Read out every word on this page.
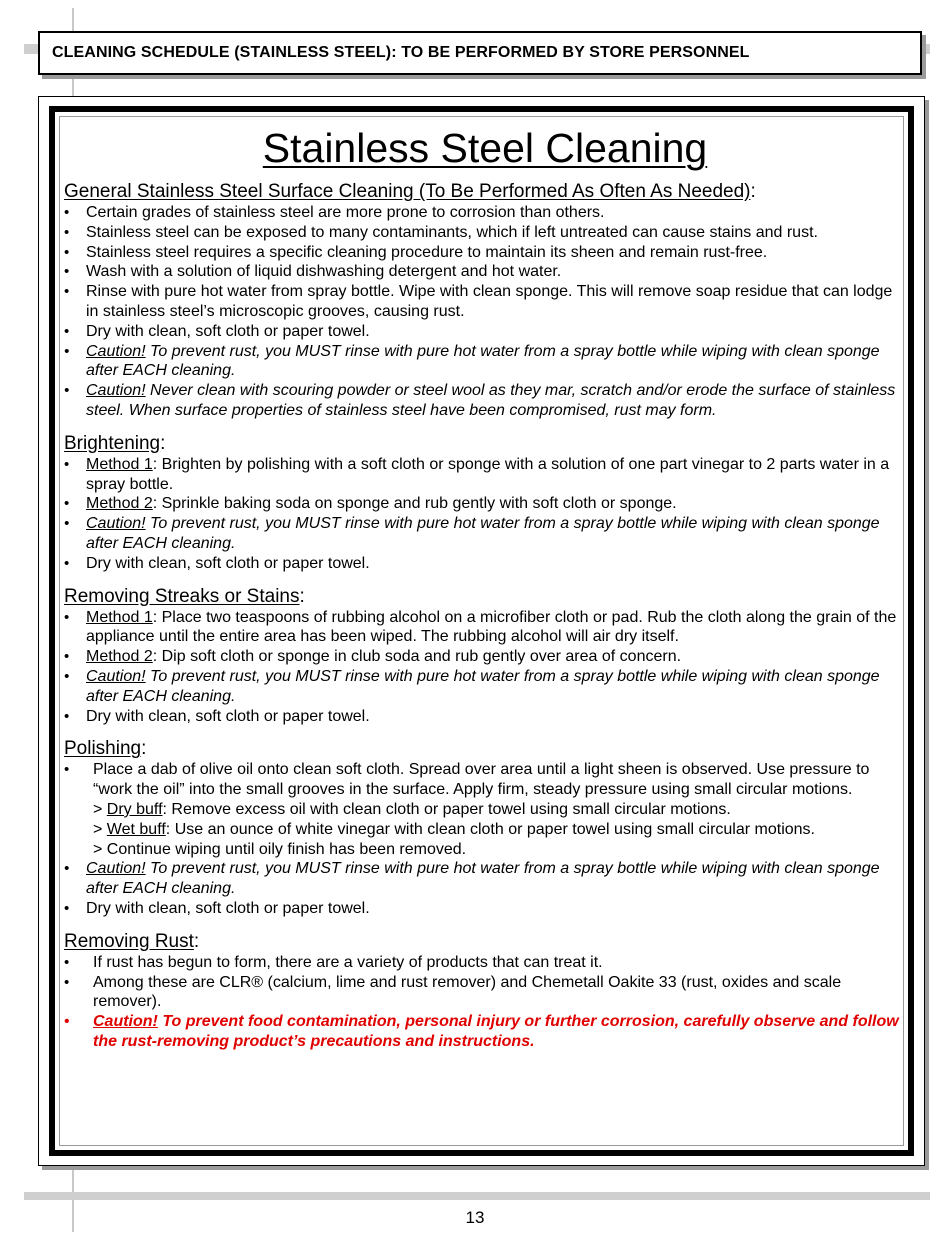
CLEANING SCHEDULE (STAINLESS STEEL): TO BE PERFORMED BY STORE PERSONNEL
Stainless Steel Cleaning
General Stainless Steel Surface Cleaning (To Be Performed As Often As Needed):
• Certain grades of stainless steel are more prone to corrosion than others.
• Stainless steel can be exposed to many contaminants, which if left untreated can cause stains and rust.
• Stainless steel requires a specific cleaning procedure to maintain its sheen and remain rust-free.
• Wash with a solution of liquid dishwashing detergent and hot water.
• Rinse with pure hot water from spray bottle. Wipe with clean sponge. This will remove soap residue that can lodge in stainless steel’s microscopic grooves, causing rust.
• Dry with clean, soft cloth or paper towel.
• Caution! To prevent rust, you MUST rinse with pure hot water from a spray bottle while wiping with clean sponge after EACH cleaning.
• Caution! Never clean with scouring powder or steel wool as they mar, scratch and/or erode the surface of stainless steel. When surface properties of stainless steel have been compromised, rust may form.
Brightening:
• Method 1: Brighten by polishing with a soft cloth or sponge with a solution of one part vinegar to 2 parts water in a spray bottle.
• Method 2: Sprinkle baking soda on sponge and rub gently with soft cloth or sponge.
• Caution! To prevent rust, you MUST rinse with pure hot water from a spray bottle while wiping with clean sponge after EACH cleaning.
• Dry with clean, soft cloth or paper towel.
Removing Streaks or Stains:
• Method 1: Place two teaspoons of rubbing alcohol on a microfiber cloth or pad. Rub the cloth along the grain of the appliance until the entire area has been wiped. The rubbing alcohol will air dry itself.
• Method 2: Dip soft cloth or sponge in club soda and rub gently over area of concern.
• Caution! To prevent rust, you MUST rinse with pure hot water from a spray bottle while wiping with clean sponge after EACH cleaning.
• Dry with clean, soft cloth or paper towel.
Polishing:
• Place a dab of olive oil onto clean soft cloth. Spread over area until a light sheen is observed. Use pressure to “work the oil” into the small grooves in the surface. Apply firm, steady pressure using small circular motions.
> Dry buff: Remove excess oil with clean cloth or paper towel using small circular motions.
> Wet buff: Use an ounce of white vinegar with clean cloth or paper towel using small circular motions.
> Continue wiping until oily finish has been removed.
• Caution! To prevent rust, you MUST rinse with pure hot water from a spray bottle while wiping with clean sponge after EACH cleaning.
• Dry with clean, soft cloth or paper towel.
Removing Rust:
• If rust has begun to form, there are a variety of products that can treat it.
• Among these are CLR® (calcium, lime and rust remover) and Chemetall Oakite 33 (rust, oxides and scale remover).
• Caution! To prevent food contamination, personal injury or further corrosion, carefully observe and follow the rust-removing product’s precautions and instructions.
13
